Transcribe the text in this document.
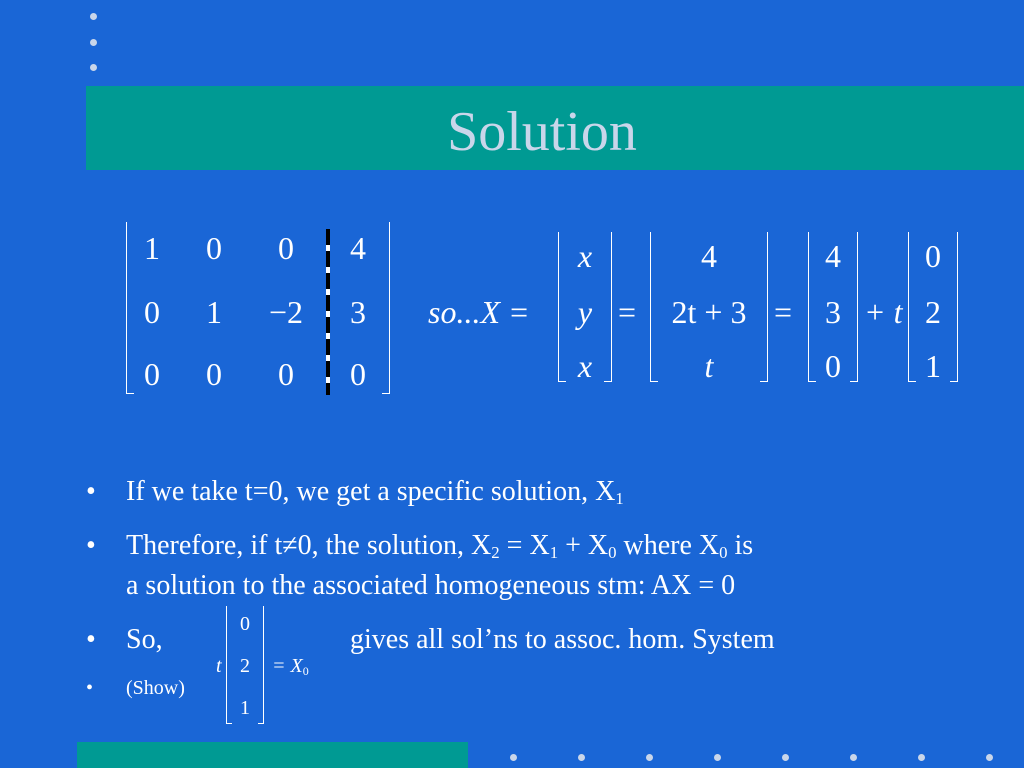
Solution
1	0	0	4
0	1	−2	3
0	0	0	0
so...X =
x
y
x
=
4
2t + 3
t
=
4
3
0
+ t
0
2
1
• If we take t=0, we get a specific solution, $X_1$
• Therefore, if t≠0, the solution, $X_2 = X_1 + X_0$ where $X_0$ is
a solution to the associated homogeneous stm: AX = 0
• So,	gives all sol’ns to assoc. hom. System
• (Show)
t
0
2
1
= $X_0$
